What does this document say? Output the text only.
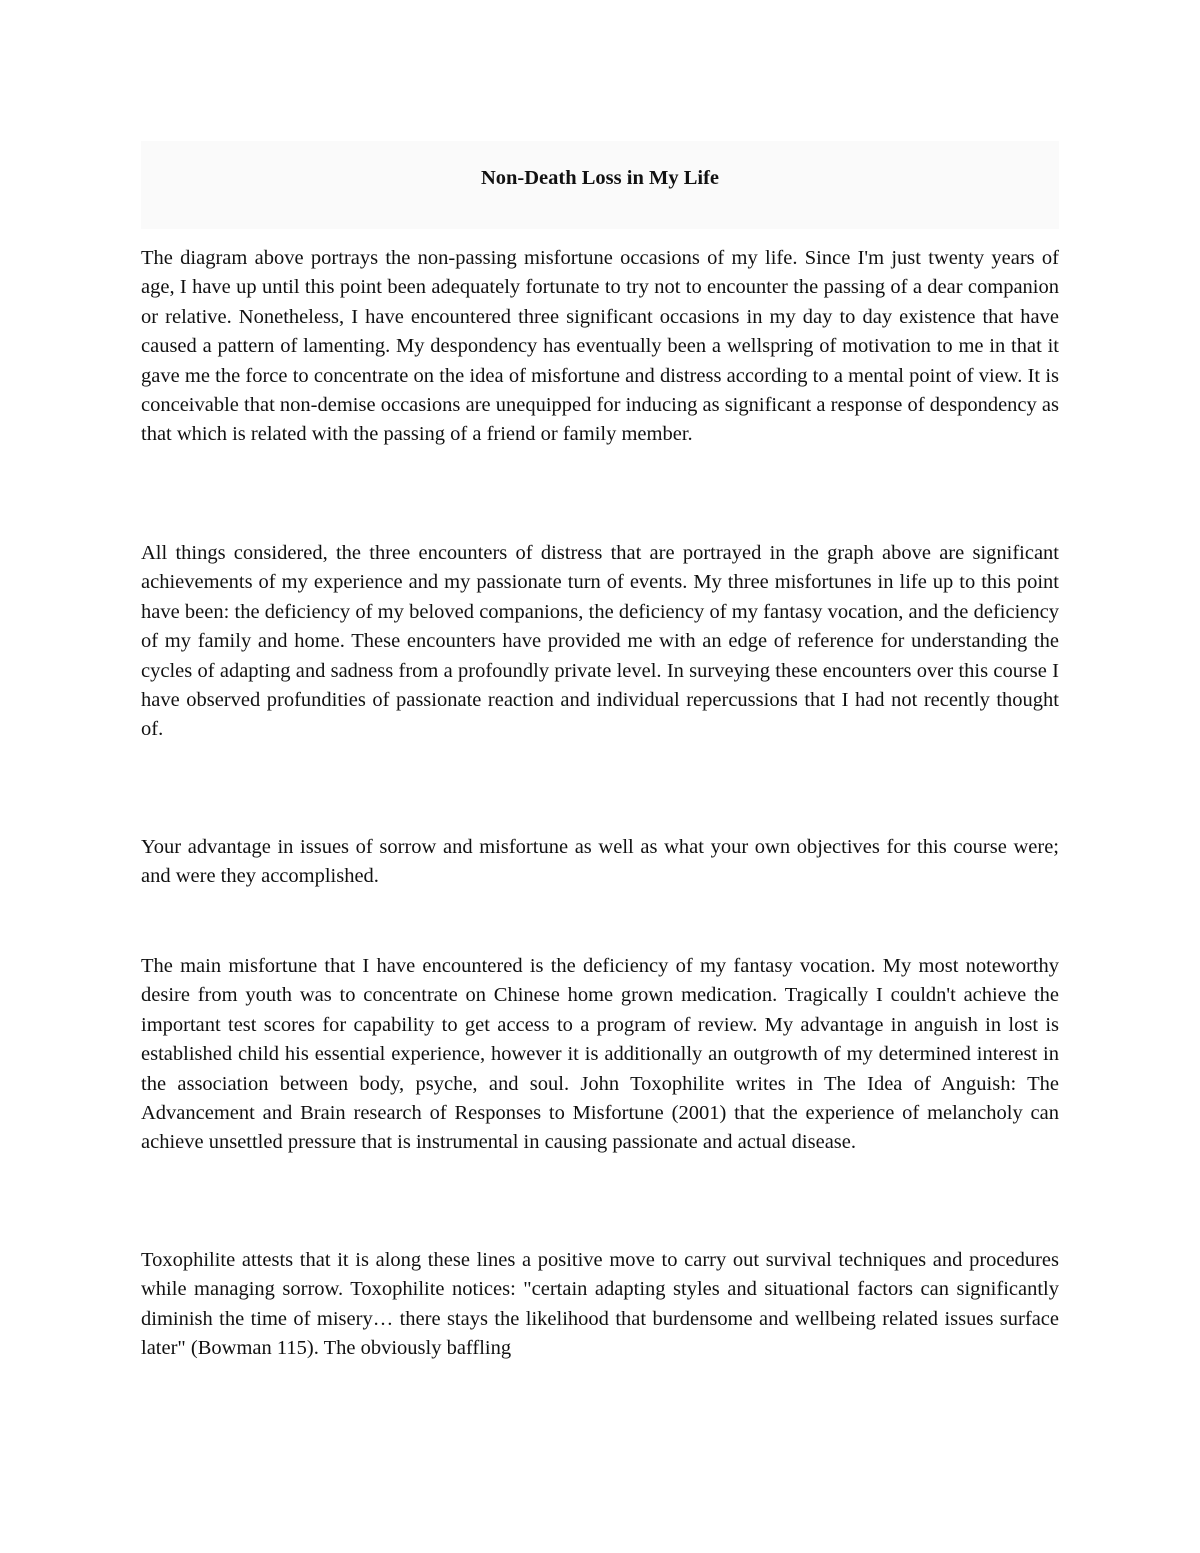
Non-Death Loss in My Life

The diagram above portrays the non-passing misfortune occasions of my life. Since I'm just twenty years of age, I have up until this point been adequately fortunate to try not to encounter the passing of a dear companion or relative. Nonetheless, I have encountered three significant occasions in my day to day existence that have caused a pattern of lamenting. My despondency has eventually been a wellspring of motivation to me in that it gave me the force to concentrate on the idea of misfortune and distress according to a mental point of view. It is conceivable that non-demise occasions are unequipped for inducing as significant a response of despondency as that which is related with the passing of a friend or family member.

All things considered, the three encounters of distress that are portrayed in the graph above are significant achievements of my experience and my passionate turn of events. My three misfortunes in life up to this point have been: the deficiency of my beloved companions, the deficiency of my fantasy vocation, and the deficiency of my family and home. These encounters have provided me with an edge of reference for understanding the cycles of adapting and sadness from a profoundly private level. In surveying these encounters over this course I have observed profundities of passionate reaction and individual repercussions that I had not recently thought of.

Your advantage in issues of sorrow and misfortune as well as what your own objectives for this course were; and were they accomplished.

The main misfortune that I have encountered is the deficiency of my fantasy vocation. My most noteworthy desire from youth was to concentrate on Chinese home grown medication. Tragically I couldn't achieve the important test scores for capability to get access to a program of review. My advantage in anguish in lost is established child his essential experience, however it is additionally an outgrowth of my determined interest in the association between body, psyche, and soul. John Toxophilite writes in The Idea of Anguish: The Advancement and Brain research of Responses to Misfortune (2001) that the experience of melancholy can achieve unsettled pressure that is instrumental in causing passionate and actual disease.

Toxophilite attests that it is along these lines a positive move to carry out survival techniques and procedures while managing sorrow. Toxophilite notices: "certain adapting styles and situational factors can significantly diminish the time of misery… there stays the likelihood that burdensome and wellbeing related issues surface later" (Bowman 115). The obviously baffling
